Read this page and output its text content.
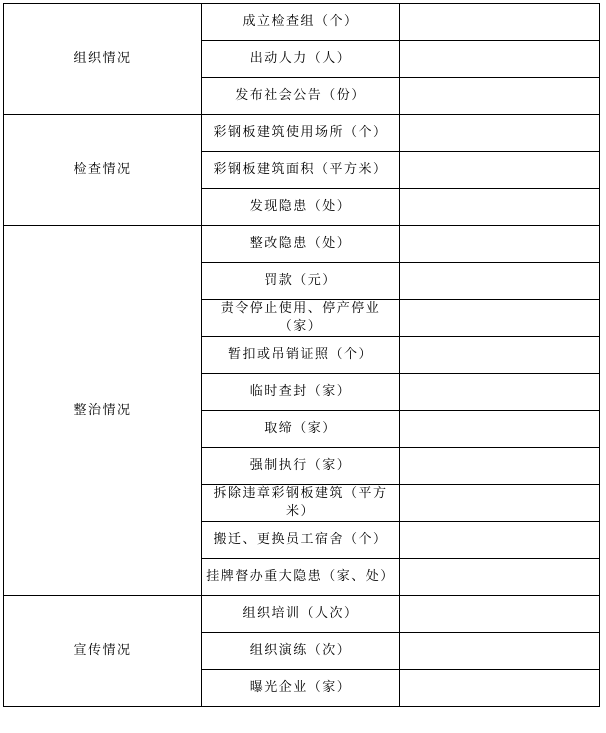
组织情况	成立检查组（个）	
	出动人力（人）	
	发布社会公告（份）	
检查情况	彩钢板建筑使用场所（个）	
	彩钢板建筑面积（平方米）	
	发现隐患（处）	
整治情况	整改隐患（处）	
	罚款（元）	
	责令停止使用、停产停业（家）	
	暂扣或吊销证照（个）	
	临时查封（家）	
	取缔（家）	
	强制执行（家）	
	拆除违章彩钢板建筑（平方米）	
	搬迁、更换员工宿舍（个）	
	挂牌督办重大隐患（家、处）	
宣传情况	组织培训（人次）	
	组织演练（次）	
	曝光企业（家）	
